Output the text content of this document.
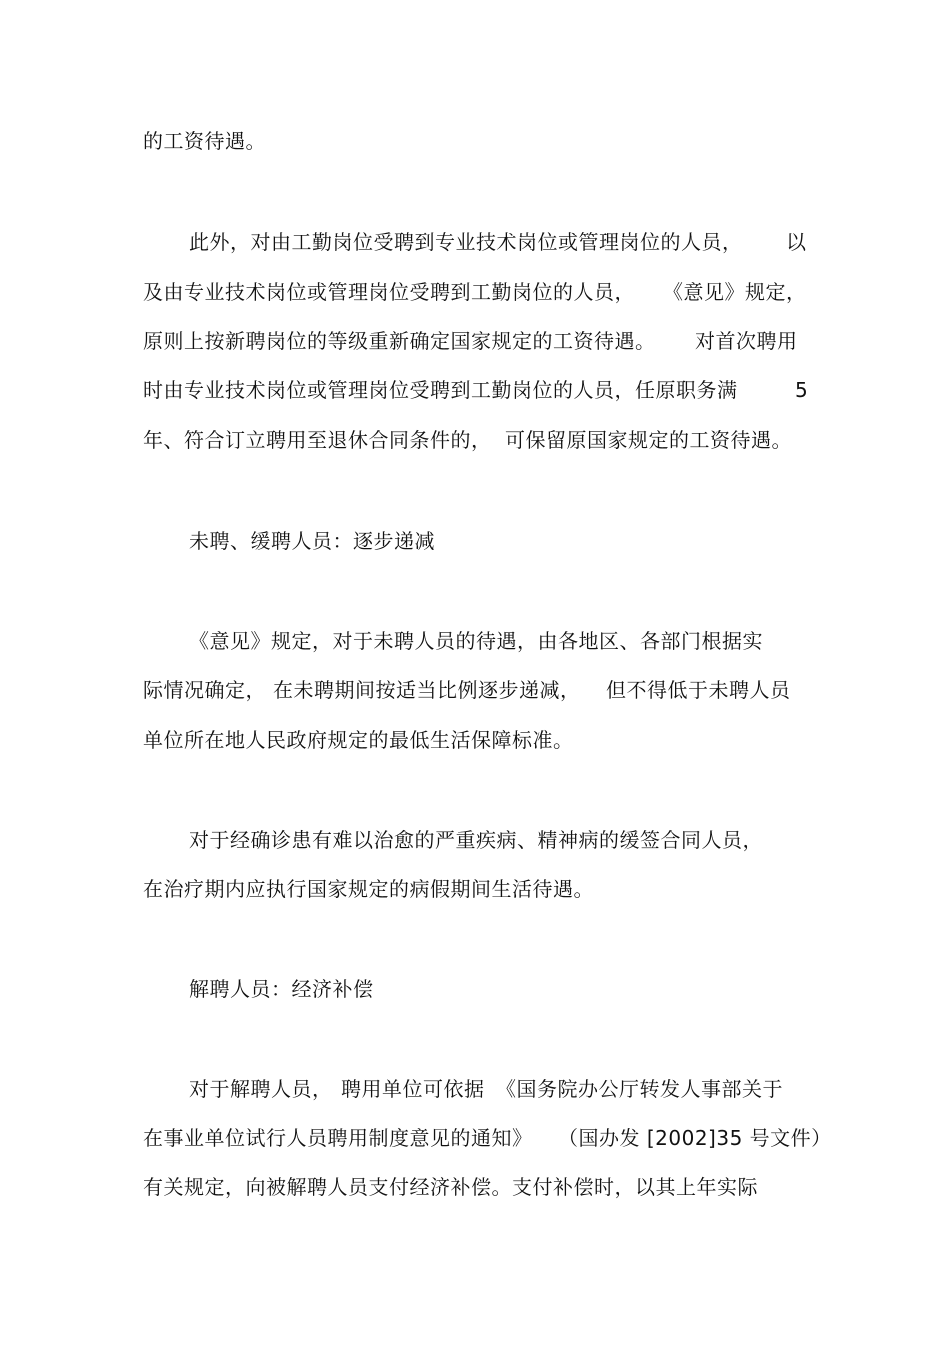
的工资待遇。
此外，对由工勤岗位受聘到专业技术岗位或管理岗位的人员， 以
及由专业技术岗位或管理岗位受聘到工勤岗位的人员， 《意见》规定，
原则上按新聘岗位的等级重新确定国家规定的工资待遇。 对首次聘用
时由专业技术岗位或管理岗位受聘到工勤岗位的人员，任原职务满	5
年、符合订立聘用至退休合同条件的， 可保留原国家规定的工资待遇。
未聘、缓聘人员：逐步递减
《意见》规定，对于未聘人员的待遇，由各地区、各部门根据实
际情况确定， 在未聘期间按适当比例逐步递减， 但不得低于未聘人员
单位所在地人民政府规定的最低生活保障标准。
对于经确诊患有难以治愈的严重疾病、精神病的缓签合同人员，
在治疗期内应执行国家规定的病假期间生活待遇。
解聘人员：经济补偿
对于解聘人员， 聘用单位可依据 《国务院办公厅转发人事部关于
在事业单位试行人员聘用制度意见的通知》 （国办发 [2002]35 号文件）
有关规定，向被解聘人员支付经济补偿。支付补偿时，以其上年实际
